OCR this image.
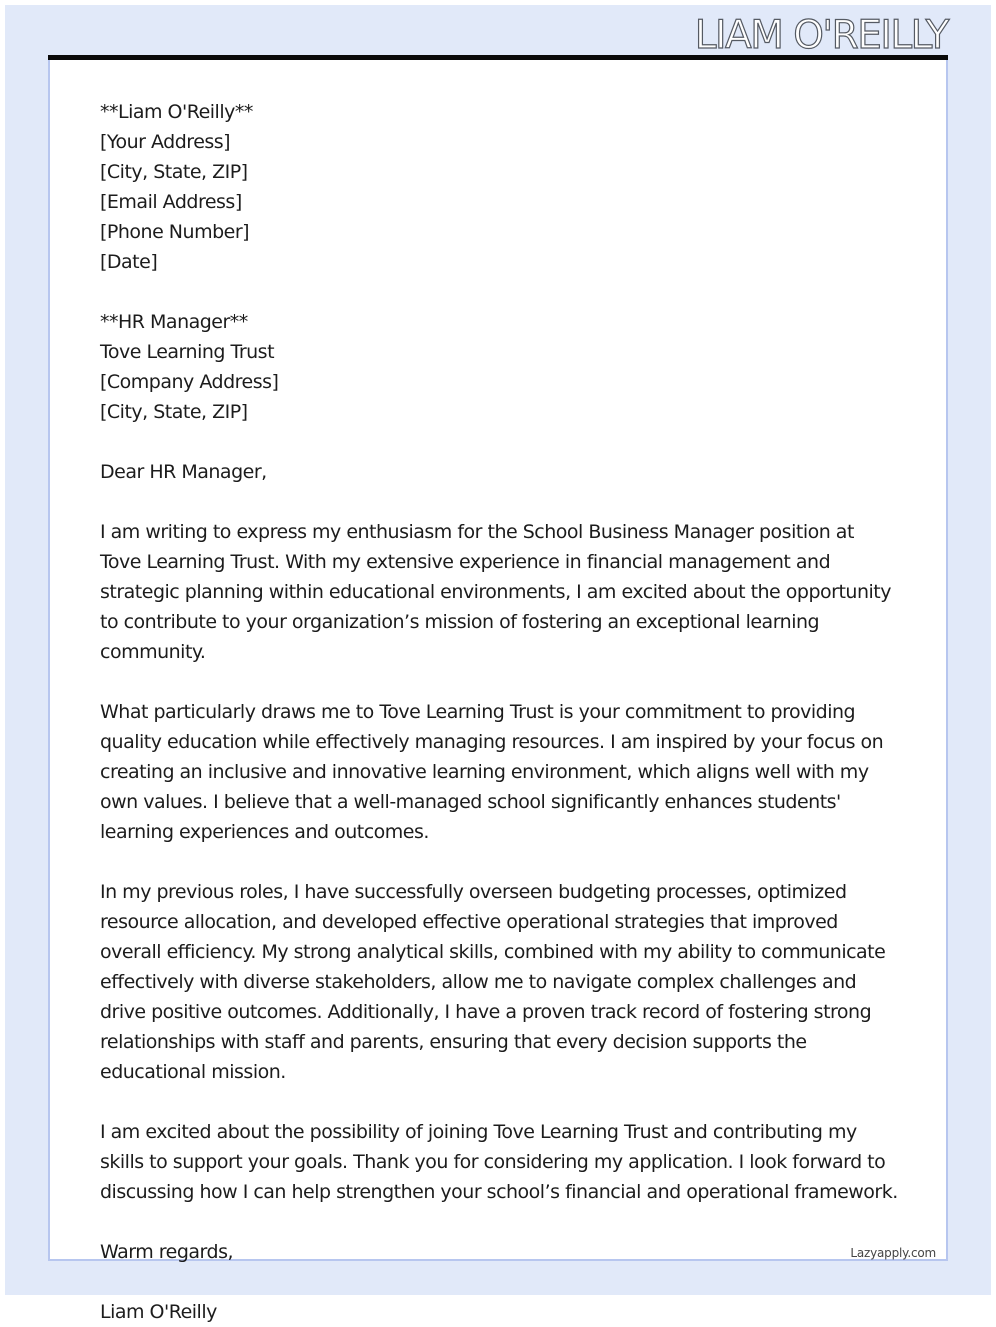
LIAM O'REILLY
**Liam O'Reilly**
[Your Address]
[City, State, ZIP]
[Email Address]
[Phone Number]
[Date]
**HR Manager**
Tove Learning Trust
[Company Address]
[City, State, ZIP]

Dear HR Manager,

I am writing to express my enthusiasm for the School Business Manager position at Tove Learning Trust. With my extensive experience in financial management and strategic planning within educational environments, I am excited about the opportunity to contribute to your organization’s mission of fostering an exceptional learning community.

What particularly draws me to Tove Learning Trust is your commitment to providing quality education while effectively managing resources. I am inspired by your focus on creating an inclusive and innovative learning environment, which aligns well with my own values. I believe that a well-managed school significantly enhances students' learning experiences and outcomes.

In my previous roles, I have successfully overseen budgeting processes, optimized resource allocation, and developed effective operational strategies that improved overall efficiency. My strong analytical skills, combined with my ability to communicate effectively with diverse stakeholders, allow me to navigate complex challenges and drive positive outcomes. Additionally, I have a proven track record of fostering strong relationships with staff and parents, ensuring that every decision supports the educational mission.

I am excited about the possibility of joining Tove Learning Trust and contributing my skills to support your goals. Thank you for considering my application. I look forward to discussing how I can help strengthen your school’s financial and operational framework.

Warm regards,

Liam O'Reilly
Lazyapply.com
